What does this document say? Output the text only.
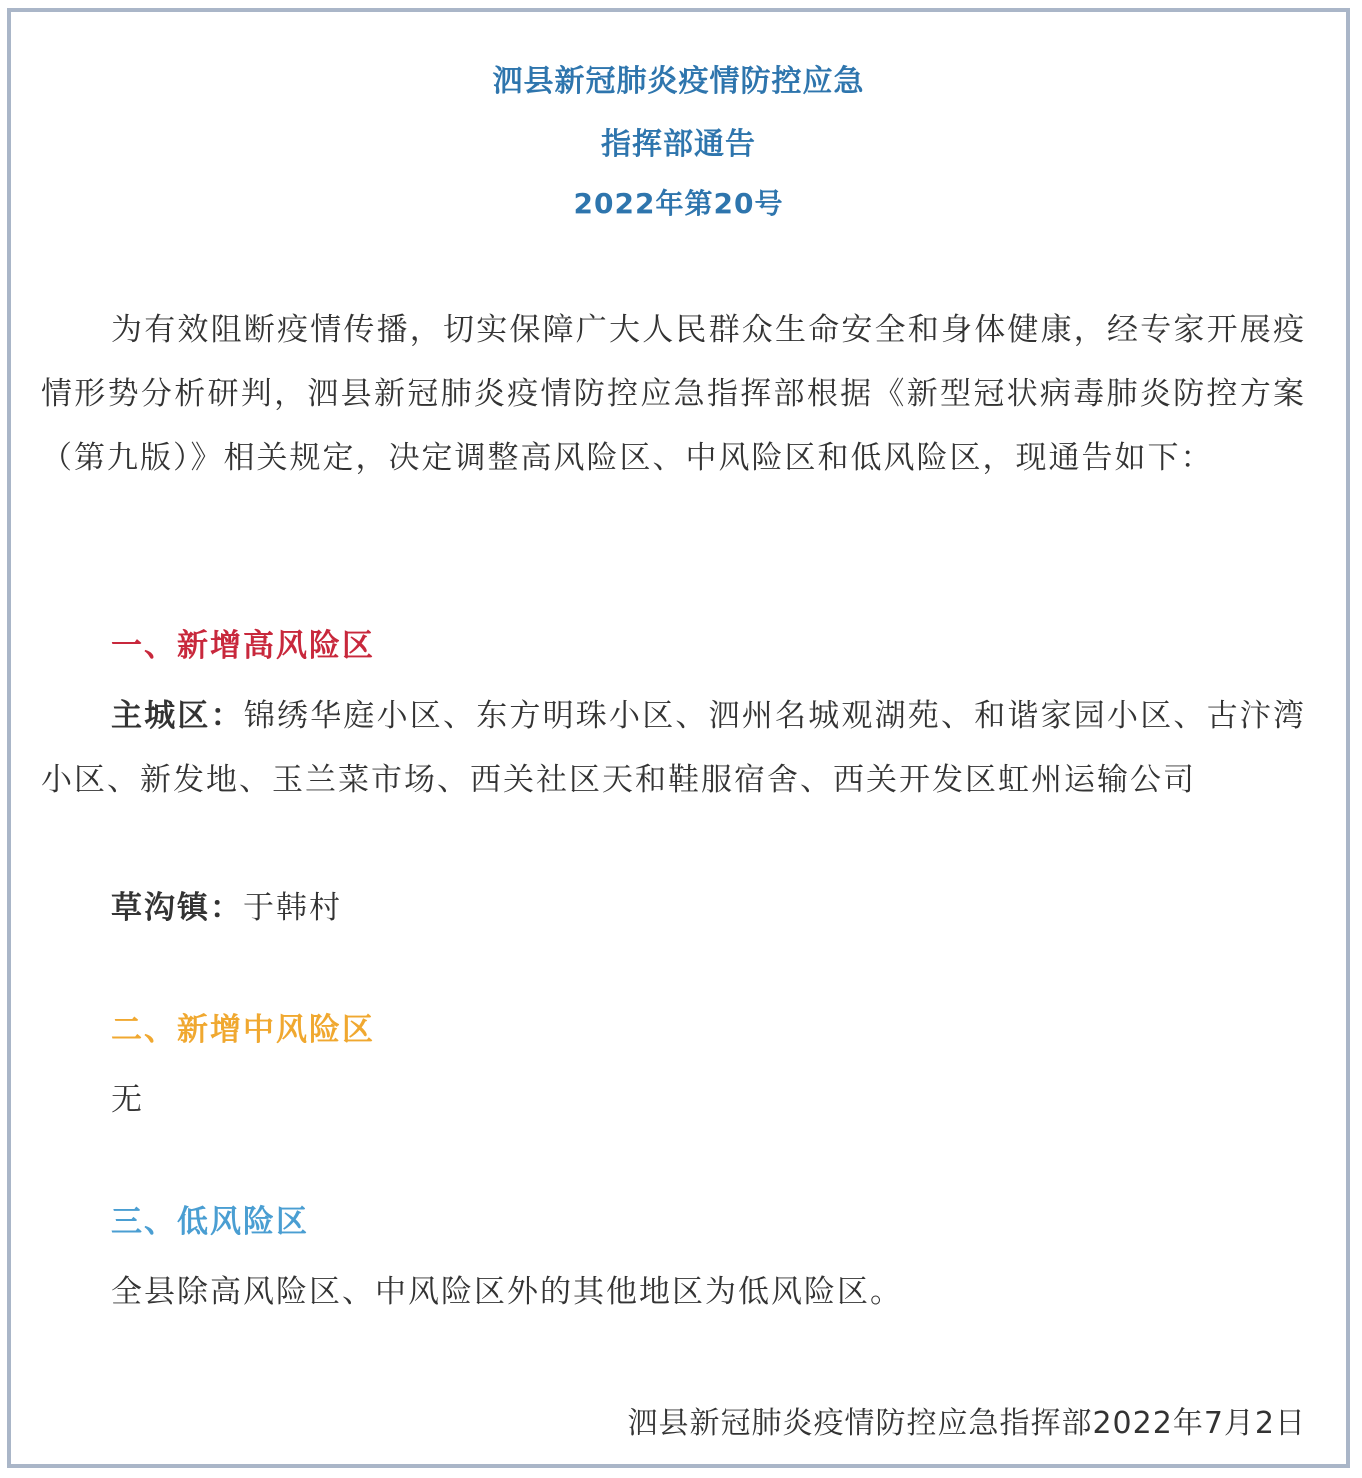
泗县新冠肺炎疫情防控应急
指挥部通告
2022年第20号

为有效阻断疫情传播，切实保障广大人民群众生命安全和身体健康，经专家开展疫情形势分析研判，泗县新冠肺炎疫情防控应急指挥部根据《新型冠状病毒肺炎防控方案（第九版）》相关规定，决定调整高风险区、中风险区和低风险区，现通告如下：

一、新增高风险区

主城区：锦绣华庭小区、东方明珠小区、泗州名城观湖苑、和谐家园小区、古汴湾小区、新发地、玉兰菜市场、西关社区天和鞋服宿舍、西关开发区虹州运输公司

草沟镇：于韩村

二、新增中风险区

无

三、低风险区

全县除高风险区、中风险区外的其他地区为低风险区。

泗县新冠肺炎疫情防控应急指挥部2022年7月2日
